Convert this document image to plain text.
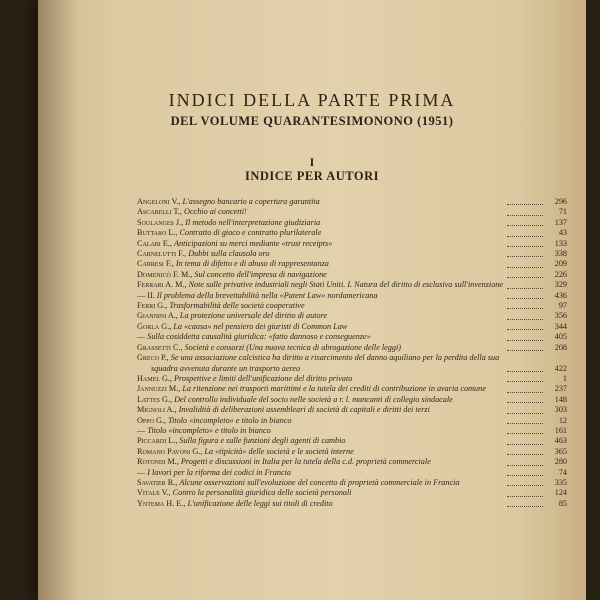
INDICI DELLA PARTE PRIMA
DEL VOLUME QUARANTESIMONONO (1951)
I
INDICE PER AUTORI
Angeloni V., L'assegno bancario a copertura garantita	296
Ascarelli T., Occhio ai concetti!	71
Soulanges J., Il metodo nell'interpretazione giudiziaria	137
Buttaro L., Contratto di gioco e contratto plurilaterale	43
Calabi E., Anticipazioni su merci mediante «trust receipts»	133
Carnelutti F., Dubbi sulla clausola oro	338
Carresi F., In tema di difetto e di abuso di rappresentanza	209
Domenicò F. M., Sul concetto dell'impresa di navigazione	226
Ferrari A. M., Note sulle privative industriali negli Stati Uniti. I. Natura del diritto di esclusiva sull'invenzione	329
— II. Il problema della brevettabilità nella «Patent Law» nordamericana	436
Ferri G., Trasformabilità delle società cooperative	97
Giannini A., La protezione universale del diritto di autore	356
Gorla G., La «causa» nel pensiero dei giuristi di Common Law	344
— Sulla cosiddetta causalità giuridica: «fatto dannoso e conseguenze»	405
Grassetti C., Società e consorzi (Una nuova tecnica di abrogazione delle leggi)	208
Greco P., Se una associazione calcistica ha diritto a risarcimento del danno aquiliano per la perdita della sua squadra avvenuta durante un trasporto aereo	422
Hamel G., Prospettive e limiti dell'unificazione del diritto privato	1
Jannuzzi M., La ritenzione nei trasporti marittimi e la tutela dei crediti di contribuzione in avaria comune	237
Lattes G., Del controllo individuale del socio nelle società a r. l. mancanti di collegio sindacale	148
Mignoli A., Invalidità di deliberazioni assembleari di società di capitali e diritti dei terzi	303
Oppo G., Titolo «incompleto» e titolo in bianco	12
— Titolo «incompleto» e titolo in bianco	161
Piccardi L., Sulla figura e sulle funzioni degli agenti di cambio	463
Romano Pavoni G., La «tipicità» delle società e le società interne	365
Rotondi M., Progetti e discussioni in Italia per la tutela della c.d. proprietà commerciale	280
— I lavori per la riforma dei codici in Francia	74
Savatier R., Alcune osservazioni sull'evoluzione del concetto di proprietà commerciale in Francia	335
Vitale V., Contro la personalità giuridica delle società personali	124
Yntema H. E., L'unificazione delle leggi sui titoli di credito	85
